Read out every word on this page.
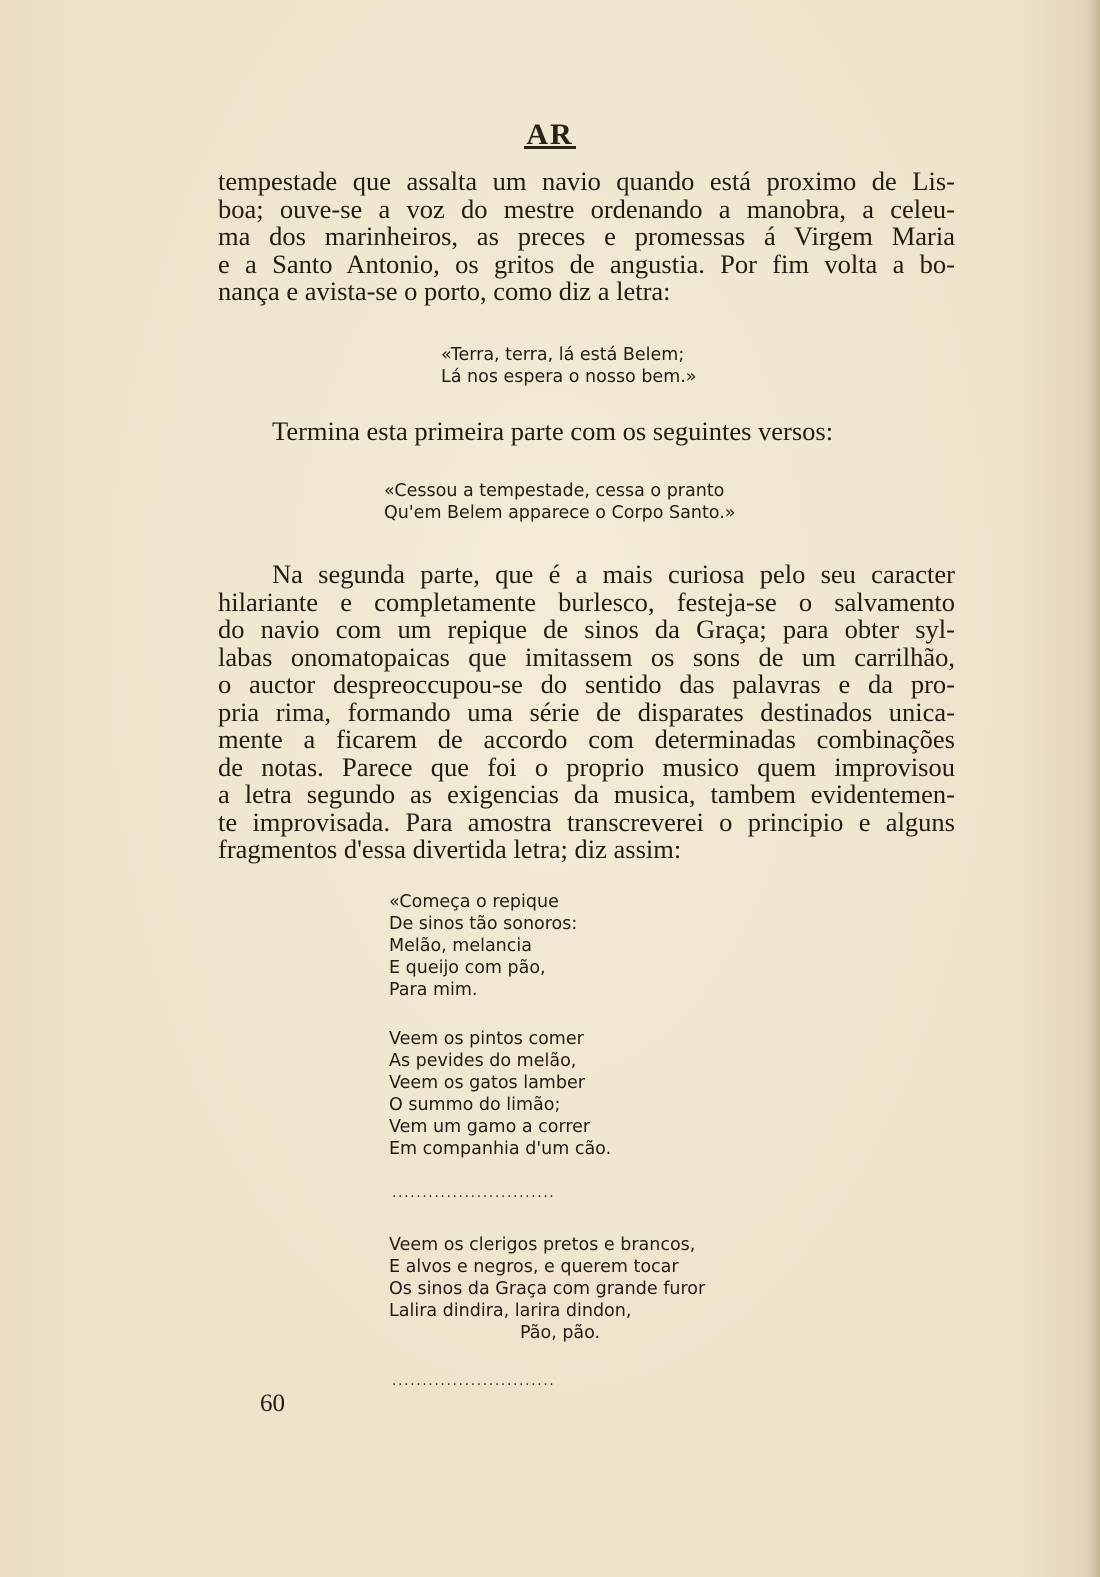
AR
tempestade que assalta um navio quando está proximo de Lis-
boa; ouve-se a voz do mestre ordenando a manobra, a celeu-
ma dos marinheiros, as preces e promessas á Virgem Maria
e a Santo Antonio, os gritos de angustia. Por fim volta a bo-
nança e avista-se o porto, como diz a letra:
«Terra, terra, lá está Belem;
Lá nos espera o nosso bem.»
Termina esta primeira parte com os seguintes versos:
«Cessou a tempestade, cessa o pranto
Qu'em Belem apparece o Corpo Santo.»
Na segunda parte, que é a mais curiosa pelo seu caracter
hilariante e completamente burlesco, festeja-se o salvamento
do navio com um repique de sinos da Graça; para obter syl-
labas onomatopaicas que imitassem os sons de um carrilhão,
o auctor despreoccupou-se do sentido das palavras e da pro-
pria rima, formando uma série de disparates destinados unica-
mente a ficarem de accordo com determinadas combinações
de notas. Parece que foi o proprio musico quem improvisou
a letra segundo as exigencias da musica, tambem evidentemen-
te improvisada. Para amostra transcreverei o principio e alguns
fragmentos d'essa divertida letra; diz assim:
«Começa o repique
De sinos tão sonoros:
Melão, melancia
E queijo com pão,
Para mim.
Veem os pintos comer
As pevides do melão,
Veem os gatos lamber
O summo do limão;
Vem um gamo a correr
Em companhia d'um cão.
...........................
Veem os clerigos pretos e brancos,
E alvos e negros, e querem tocar
Os sinos da Graça com grande furor
Lalira dindira, larira dindon,
Pão, pão.
...........................
60
